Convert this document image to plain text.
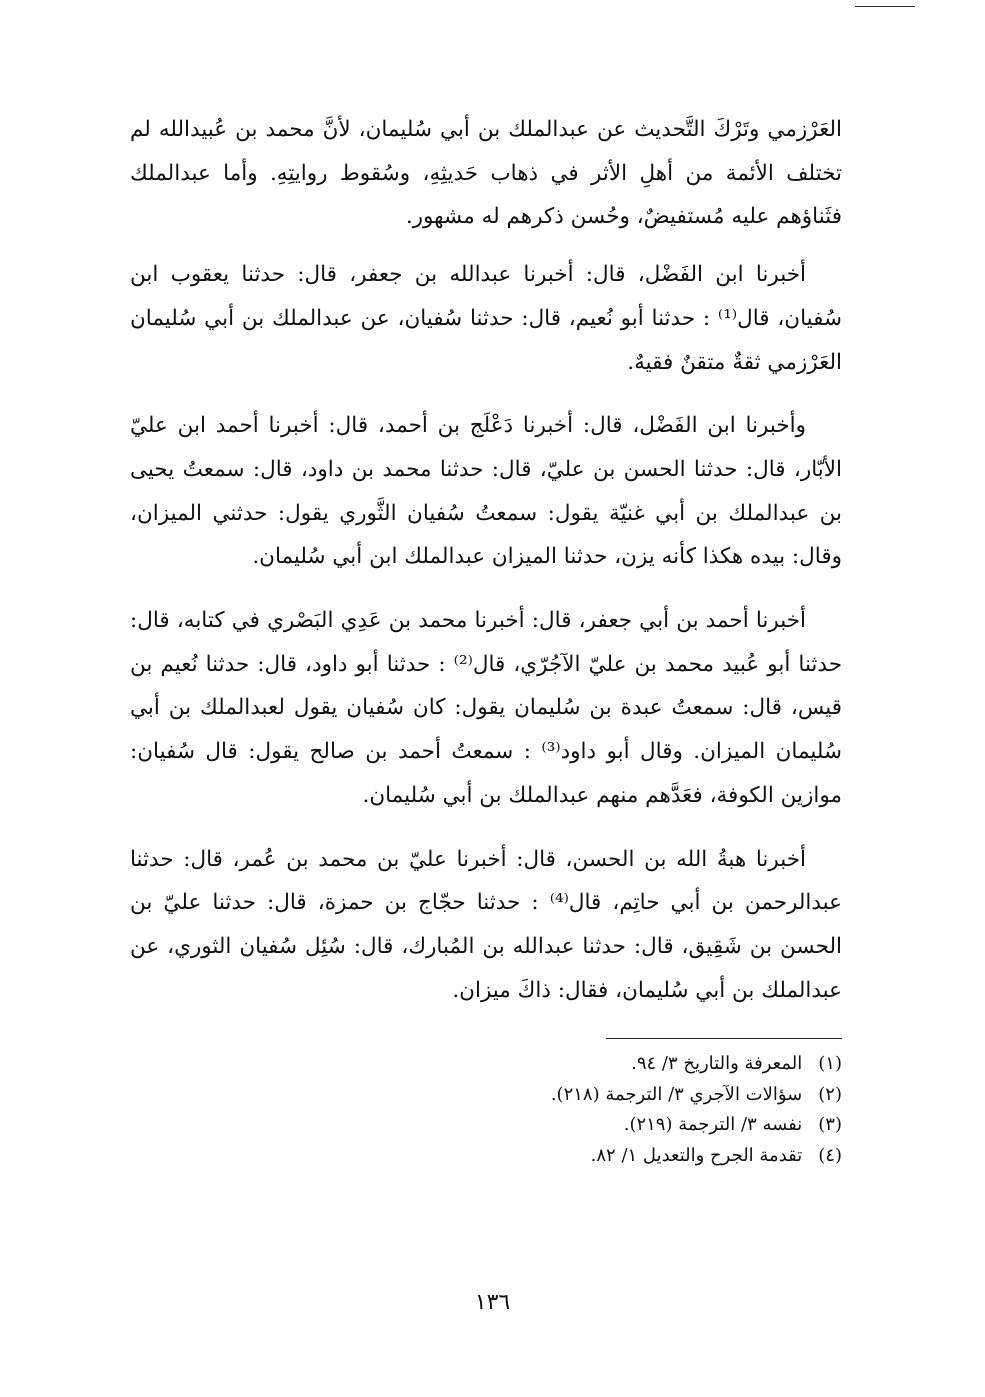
العَرْزمي وتَرْكَ التَّحديث عن عبدالملك بن أبي سُليمان، لأنَّ محمد بن عُبيدالله لم تختلف الأئمة من أهلِ الأثر في ذهاب حَديثِهِ، وسُقوط روايتِهِ. وأما عبدالملك فثَناؤهم عليه مُستفيضٌ، وحُسن ذكرهم له مشهور.

أخبرنا ابن الفَضْل، قال: أخبرنا عبدالله بن جعفر، قال: حدثنا يعقوب ابن سُفيان، قال⁽¹⁾ : حدثنا أبو نُعيم، قال: حدثنا سُفيان، عن عبدالملك بن أبي سُليمان العَرْزمي ثقةٌ متقنٌ فقيهٌ.

وأخبرنا ابن الفَضْل، قال: أخبرنا دَعْلَج بن أحمد، قال: أخبرنا أحمد ابن عليّ الأبّار، قال: حدثنا الحسن بن عليّ، قال: حدثنا محمد بن داود، قال: سمعتُ يحيى بن عبدالملك بن أبي غنيّة يقول: سمعتُ سُفيان الثَّوري يقول: حدثني الميزان، وقال: بيده هكذا كأنه يزن، حدثنا الميزان عبدالملك ابن أبي سُليمان.

أخبرنا أحمد بن أبي جعفر، قال: أخبرنا محمد بن عَدِي البَصْري في كتابه، قال: حدثنا أبو عُبيد محمد بن عليّ الآجُرّي، قال⁽²⁾ : حدثنا أبو داود، قال: حدثنا نُعيم بن قيس، قال: سمعتُ عبدة بن سُليمان يقول: كان سُفيان يقول لعبدالملك بن أبي سُليمان الميزان. وقال أبو داود⁽³⁾ : سمعتُ أحمد بن صالح يقول: قال سُفيان: موازين الكوفة، فعَدَّهم منهم عبدالملك بن أبي سُليمان.

أخبرنا هبةُ الله بن الحسن، قال: أخبرنا عليّ بن محمد بن عُمر، قال: حدثنا عبدالرحمن بن أبي حاتِم، قال⁽⁴⁾ : حدثنا حجّاج بن حمزة، قال: حدثنا عليّ بن الحسن بن شَقِيق، قال: حدثنا عبدالله بن المُبارك، قال: سُئِل سُفيان الثوري، عن عبدالملك بن أبي سُليمان، فقال: ذاكَ ميزان.

(١) المعرفة والتاريخ ٣/ ٩٤.
(٢) سؤالات الآجري ٣/ الترجمة (٢١٨).
(٣) نفسه ٣/ الترجمة (٢١٩).
(٤) تقدمة الجرح والتعديل ١/ ٨٢.
١٣٦
